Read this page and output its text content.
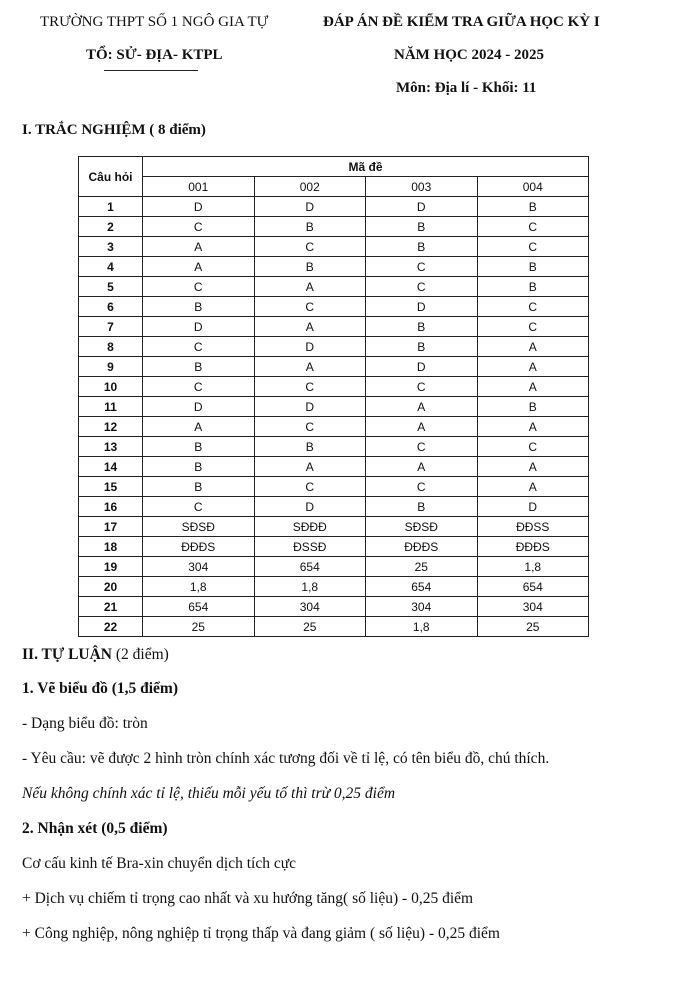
TRƯỜNG THPT SỐ 1 NGÔ GIA TỰ
TỔ: SỬ- ĐỊA- KTPL
ĐÁP ÁN ĐỀ KIỂM TRA GIỮA HỌC KỲ I
NĂM HỌC 2024 - 2025
Môn: Địa lí - Khối: 11
I. TRẮC NGHIỆM ( 8 điểm)
Câu hỏi	Mã đề			
	001	002	003	004
1	D	D	D	B
2	C	B	B	C
3	A	C	B	C
4	A	B	C	B
5	C	A	C	B
6	B	C	D	C
7	D	A	B	C
8	C	D	B	A
9	B	A	D	A
10	C	C	C	A
11	D	D	A	B
12	A	C	A	A
13	B	B	C	C
14	B	A	A	A
15	B	C	C	A
16	C	D	B	D
17	SĐSĐ	SĐĐĐ	SĐSĐ	ĐĐSS
18	ĐĐĐS	ĐSSĐ	ĐĐĐS	ĐĐĐS
19	304	654	25	1,8
20	1,8	1,8	654	654
21	654	304	304	304
22	25	25	1,8	25
II. TỰ LUẬN (2 điểm)
1. Vẽ biểu đồ (1,5 điểm)
- Dạng biểu đồ: tròn
- Yêu cầu: vẽ được 2 hình tròn chính xác tương đối về tỉ lệ, có tên biểu đồ, chú thích.
Nếu không chính xác tỉ lệ, thiếu mỗi yếu tố thì trừ 0,25 điểm
2. Nhận xét (0,5 điểm)
Cơ cấu kinh tế Bra-xin chuyển dịch tích cực
+ Dịch vụ chiếm tỉ trọng cao nhất và xu hướng tăng( số liệu) - 0,25 điểm
+ Công nghiệp, nông nghiệp tỉ trọng thấp và đang giảm ( số liệu) - 0,25 điểm
